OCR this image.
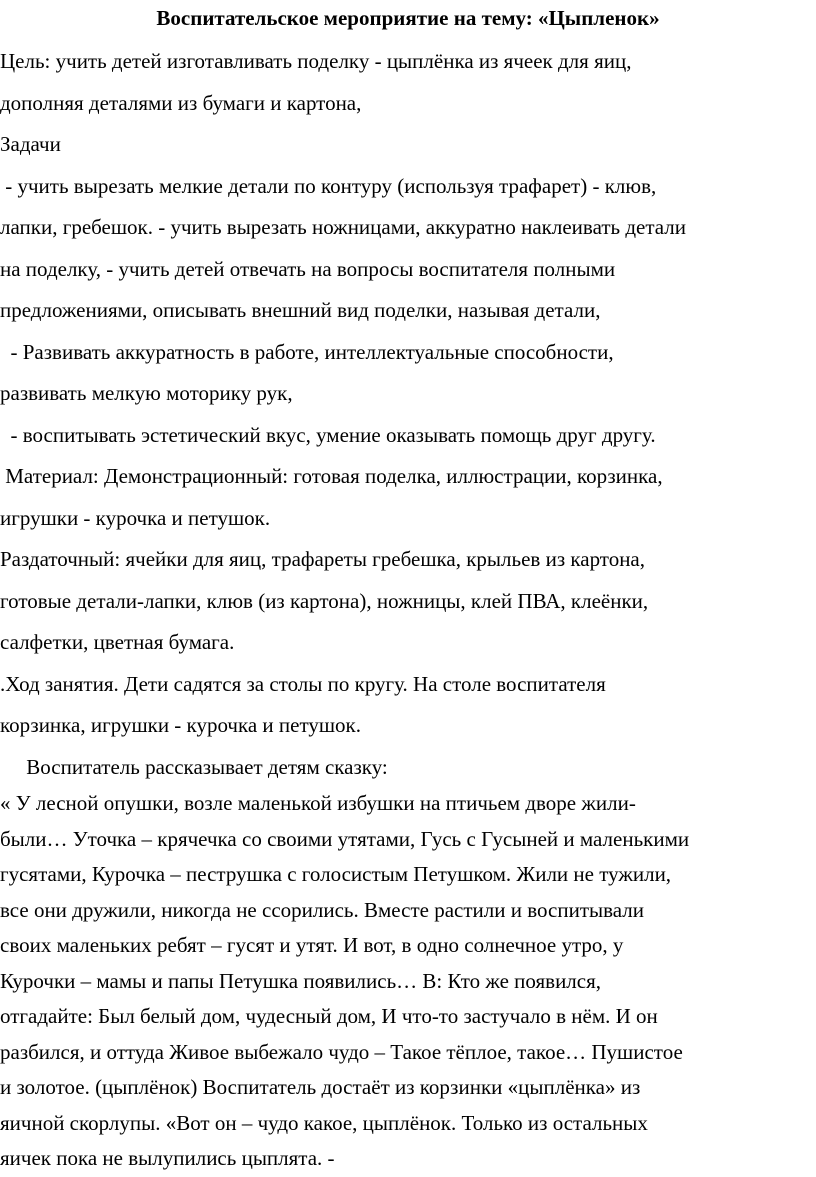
Воспитательское мероприятие на тему: «Цыпленок»
Цель: учить детей изготавливать поделку - цыплёнка из ячеек для яиц,
дополняя деталями из бумаги и картона,
Задачи
- учить вырезать мелкие детали по контуру (используя трафарет) - клюв,
лапки, гребешок. - учить вырезать ножницами, аккуратно наклеивать детали
на поделку, - учить детей отвечать на вопросы воспитателя полными
предложениями, описывать внешний вид поделки, называя детали,
- Развивать аккуратность в работе, интеллектуальные способности,
развивать мелкую моторику рук,
- воспитывать эстетический вкус, умение оказывать помощь друг другу.
Материал: Демонстрационный: готовая поделка, иллюстрации, корзинка,
игрушки - курочка и петушок.
Раздаточный: ячейки для яиц, трафареты гребешка, крыльев из картона,
готовые детали-лапки, клюв (из картона), ножницы, клей ПВА, клеёнки,
салфетки, цветная бумага.
.Ход занятия. Дети садятся за столы по кругу. На столе воспитателя
корзинка, игрушки - курочка и петушок.
Воспитатель рассказывает детям сказку:
« У лесной опушки, возле маленькой избушки на птичьем дворе жили-
были… Уточка – крячечка со своими утятами, Гусь с Гусыней и маленькими
гусятами, Курочка – пеструшка с голосистым Петушком. Жили не тужили,
все они дружили, никогда не ссорились. Вместе растили и воспитывали
своих маленьких ребят – гусят и утят. И вот, в одно солнечное утро, у
Курочки – мамы и папы Петушка появились… В: Кто же появился,
отгадайте: Был белый дом, чудесный дом, И что-то застучало в нём. И он
разбился, и оттуда Живое выбежало чудо – Такое тёплое, такое… Пушистое
и золотое. (цыплёнок) Воспитатель достаёт из корзинки «цыплёнка» из
яичной скорлупы. «Вот он – чудо какое, цыплёнок. Только из остальных
яичек пока не вылупились цыплята. -
